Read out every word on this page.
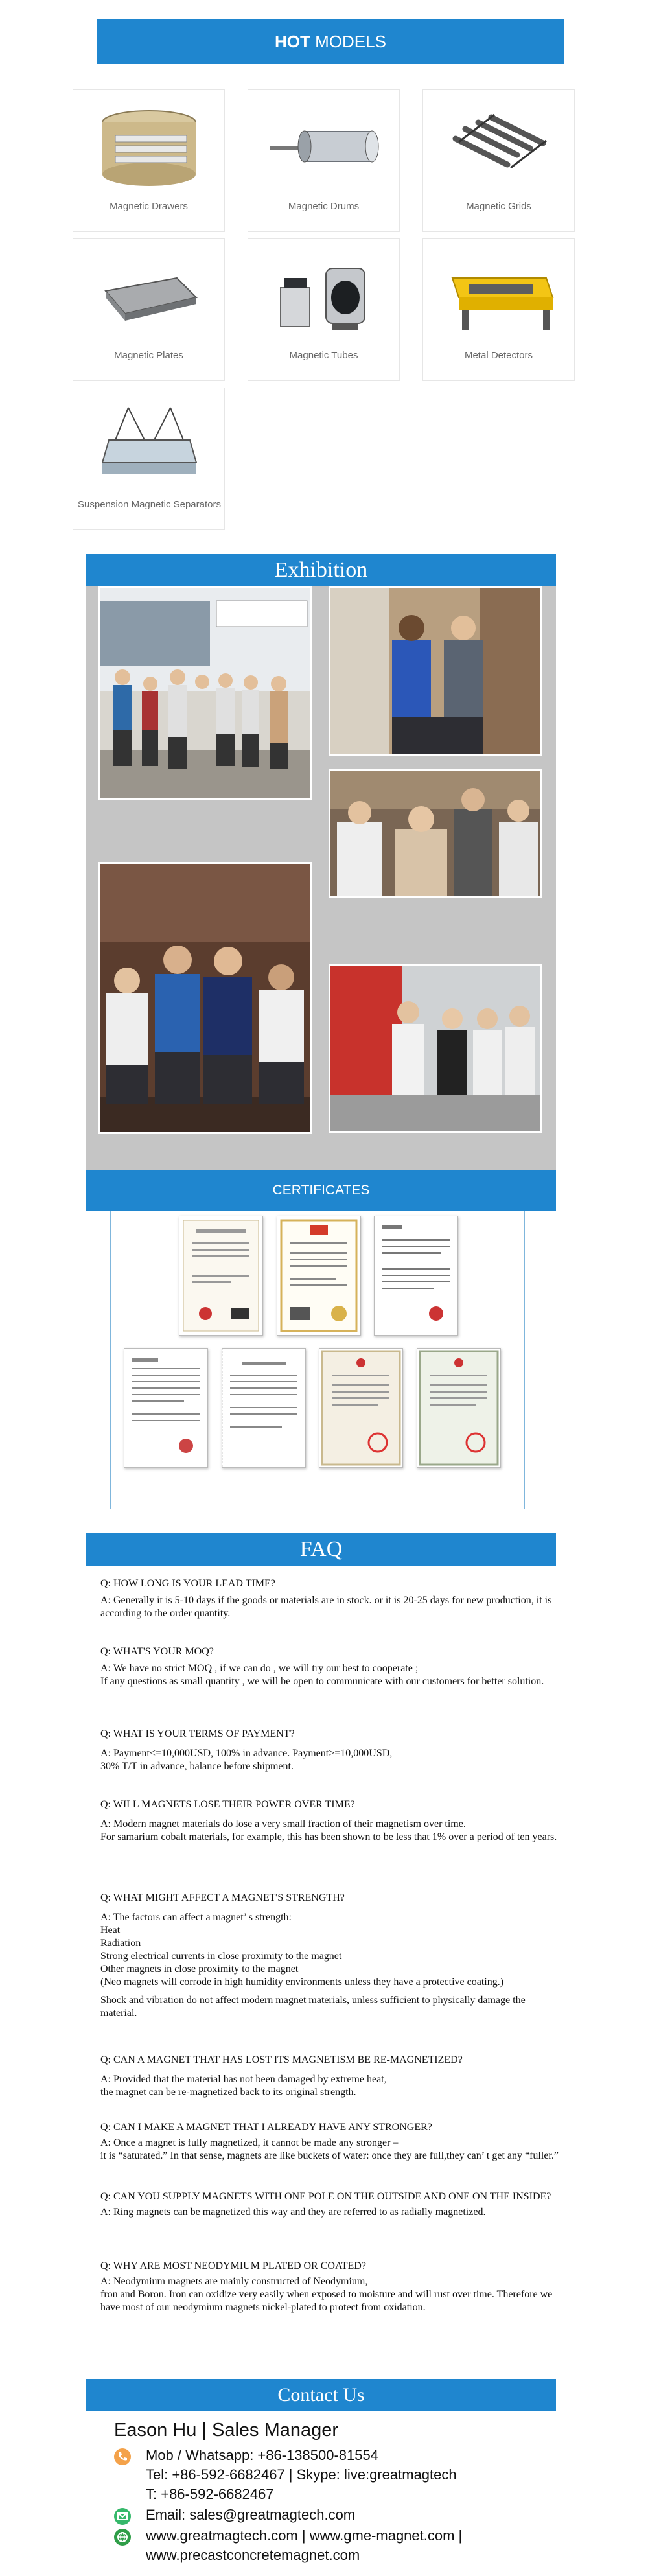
HOT MODELS
Magnetic Drawers	Magnetic Drums	Magnetic Grids
Magnetic Plates	Magnetic Tubes	Metal Detectors
Suspension Magnetic Separators
Exhibition
CERTIFICATES
FAQ

Q: HOW LONG IS YOUR LEAD TIME?

A: Generally it is 5-10 days if the goods or materials are in stock. or it is 20-25 days for new production, it is according to the order quantity.

Q: WHAT'S YOUR MOQ?

A: We have no strict MOQ , if we can do , we will try our best to cooperate ;
If any questions as small quantity , we will be open to communicate with our customers for better solution.

Q: WHAT IS YOUR TERMS OF PAYMENT?

A: Payment<=10,000USD, 100% in advance. Payment>=10,000USD,
30% T/T in advance, balance before shipment.

Q: WILL MAGNETS LOSE THEIR POWER OVER TIME?

A: Modern magnet materials do lose a very small fraction of their magnetism over time.
For samarium cobalt materials, for example, this has been shown to be less that 1% over a period of ten years.

Q: WHAT MIGHT AFFECT A MAGNET'S STRENGTH?

A: The factors can affect a magnet’ s strength:
Heat
Radiation
Strong electrical currents in close proximity to the magnet
Other magnets in close proximity to the magnet
(Neo magnets will corrode in high humidity environments unless they have a protective coating.)

Shock and vibration do not affect modern magnet materials, unless sufficient to physically damage the material.

Q: CAN A MAGNET THAT HAS LOST ITS MAGNETISM BE RE-MAGNETIZED?

A: Provided that the material has not been damaged by extreme heat,
the magnet can be re-magnetized back to its original strength.

Q: CAN I MAKE A MAGNET THAT I ALREADY HAVE ANY STRONGER?

A: Once a magnet is fully magnetized, it cannot be made any stronger –
it is “saturated.” In that sense, magnets are like buckets of water: once they are full,they can’ t get any “fuller.”

Q: CAN YOU SUPPLY MAGNETS WITH ONE POLE ON THE OUTSIDE AND ONE ON THE INSIDE?

A: Ring magnets can be magnetized this way and they are referred to as radially magnetized.

Q: WHY ARE MOST NEODYMIUM PLATED OR COATED?

A: Neodymium magnets are mainly constructed of Neodymium,
fron and Boron. Iron can oxidize very easily when exposed to moisture and will rust over time. Therefore we have most of our neodymium magnets nickel-plated to protect from oxidation.

Contact Us
Eason Hu | Sales Manager
Mob / Whatsapp: +86-138500-81554
Tel: +86-592-6682467 | Skype: live:greatmagtech
T: +86-592-6682467
Email: sales@greatmagtech.com
www.greatmagtech.com | www.gme-magnet.com |
www.precastconcretemagnet.com
